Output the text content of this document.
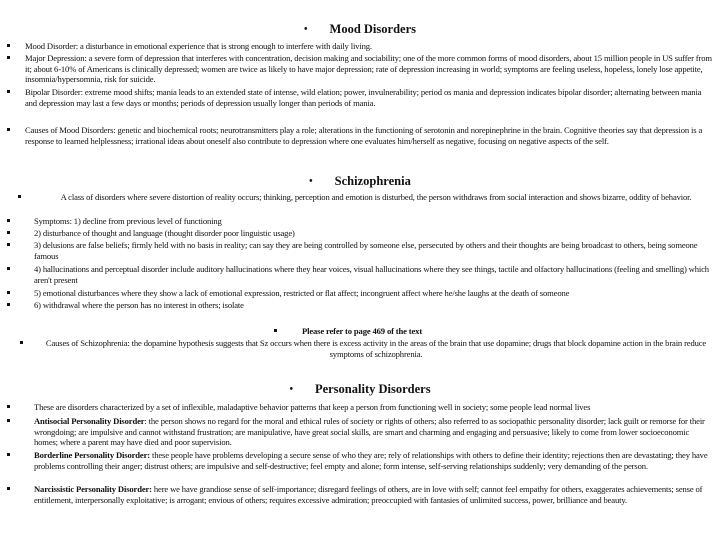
• Mood Disorders
Mood Disorder: a disturbance in emotional experience that is strong enough to interfere with daily living.
Major Depression: a severe form of depression that interferes with concentration, decision making and sociability; one of the more common forms of mood disorders, about 15 million people in US suffer from it; about 6-10% of Americans is clinically depressed; women are twice as likely to have major depression; rate of depression increasing in world; symptoms are feeling useless, hopeless, lonely lose appetite, insomnia/hypersomnia, risk for suicide.
Bipolar Disorder: extreme mood shifts; mania leads to an extended state of intense, wild elation; power, invulnerability; period os mania and depression indicates bipolar disorder; alternating between mania and depression may last a few days or months; periods of depression usually longer than periods of mania.
Causes of Mood Disorders: genetic and biochemical roots; neurotransmitters play a role; alterations in the functioning of serotonin and norepinephrine in the brain. Cognitive theories say that depression is a response to learned helplessness; irrational ideas about oneself also contribute to depression where one evaluates him/herself as negative, focusing on negative aspects of the self.
• Schizophrenia
A class of disorders where severe distortion of reality occurs; thinking, perception and emotion is disturbed, the person withdraws from social interaction and shows bizarre, oddity of behavior.
Symptoms: 1) decline from previous level of functioning
2) disturbance of thought and language (thought disorder poor linguistic usage)
3) delusions are false beliefs; firmly held with no basis in reality; can say they are being controlled by someone else, persecuted by others and their thoughts are being broadcast to others, being someone famous
4) hallucinations and perceptual disorder include auditory hallucinations where they hear voices, visual hallucinations where they see things, tactile and olfactory hallucinations (feeling and smelling) which aren't present
5) emotional disturbances where they show a lack of emotional expression, restricted or flat affect; incongruent affect where he/she laughs at the death of someone
6) withdrawal where the person has no interest in others; isolate
Please refer to page 469 of the text
Causes of Schizophrenia: the dopamine hypothesis suggests that Sz occurs when there is excess activity in the areas of the brain that use dopamine; drugs that block dopamine action in the brain reduce symptoms of schizophrenia.
• Personality Disorders
These are disorders characterized by a set of inflexible, maladaptive behavior patterns that keep a person from functioning well in society; some people lead normal lives
Antisocial Personality Disorder: the person shows no regard for the moral and ethical rules of society or rights of others; also referred to as sociopathic personality disorder; lack guilt or remorse for their wrongdoing; are impulsive and cannot withstand frustration; are manipulative, have great social skills, are smart and charming and engaging and persuasive; likely to come from lower socioeconomic homes; where a parent may have died and poor supervision.
Borderline Personality Disorder: these people have problems developing a secure sense of who they are; rely of relationships with others to define their identity; rejections then are devastating; they have problems controlling their anger; distrust others; are impulsive and self-destructive; feel empty and alone; form intense, self-serving relationships suddenly; very demanding of the person.
Narcissistic Personality Disorder: here we have grandiose sense of self-importance; disregard feelings of others, are in love with self; cannot feel empathy for others, exaggerates achievements; sense of entitlement, interpersonally exploitative; is arrogant; envious of others; requires excessive admiration; preoccupied with fantasies of unlimited success, power, brilliance and beauty.
